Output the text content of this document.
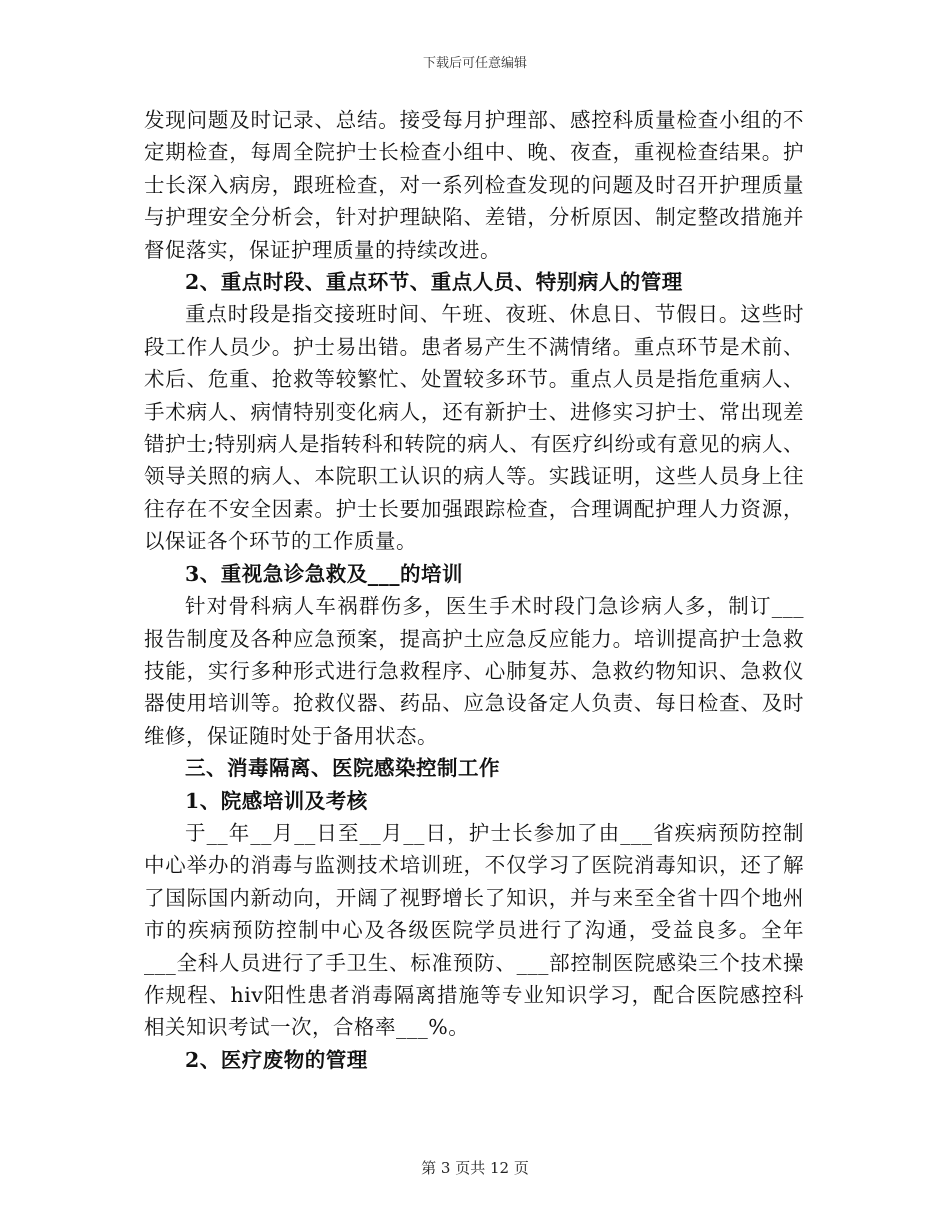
下载后可任意编辑

发现问题及时记录、总结。接受每月护理部、感控科质量检查小组的不定期检查，每周全院护士长检查小组中、晚、夜查，重视检查结果。护士长深入病房，跟班检查，对一系列检查发现的问题及时召开护理质量与护理安全分析会，针对护理缺陷、差错，分析原因、制定整改措施并督促落实，保证护理质量的持续改进。

2、重点时段、重点环节、重点人员、特别病人的管理

重点时段是指交接班时间、午班、夜班、休息日、节假日。这些时段工作人员少。护士易出错。患者易产生不满情绪。重点环节是术前、术后、危重、抢救等较繁忙、处置较多环节。重点人员是指危重病人、手术病人、病情特别变化病人，还有新护士、进修实习护士、常出现差错护士;特别病人是指转科和转院的病人、有医疗纠纷或有意见的病人、领导关照的病人、本院职工认识的病人等。实践证明，这些人员身上往往存在不安全因素。护士长要加强跟踪检查，合理调配护理人力资源，以保证各个环节的工作质量。

3、重视急诊急救及___的培训

针对骨科病人车祸群伤多，医生手术时段门急诊病人多，制订___报告制度及各种应急预案，提高护土应急反应能力。培训提高护士急救技能，实行多种形式进行急救程序、心肺复苏、急救约物知识、急救仪器使用培训等。抢救仪器、药品、应急设备定人负责、每日检查、及时维修，保证随时处于备用状态。

三、消毒隔离、医院感染控制工作

1、院感培训及考核

于__年__月__日至__月__日，护士长参加了由___省疾病预防控制中心举办的消毒与监测技术培训班，不仅学习了医院消毒知识，还了解了国际国内新动向，开阔了视野增长了知识，并与来至全省十四个地州市的疾病预防控制中心及各级医院学员进行了沟通，受益良多。全年___全科人员进行了手卫生、标准预防、___部控制医院感染三个技术操作规程、hiv阳性患者消毒隔离措施等专业知识学习，配合医院感控科相关知识考试一次，合格率___%。

2、医疗废物的管理

第 3 页共 12 页
